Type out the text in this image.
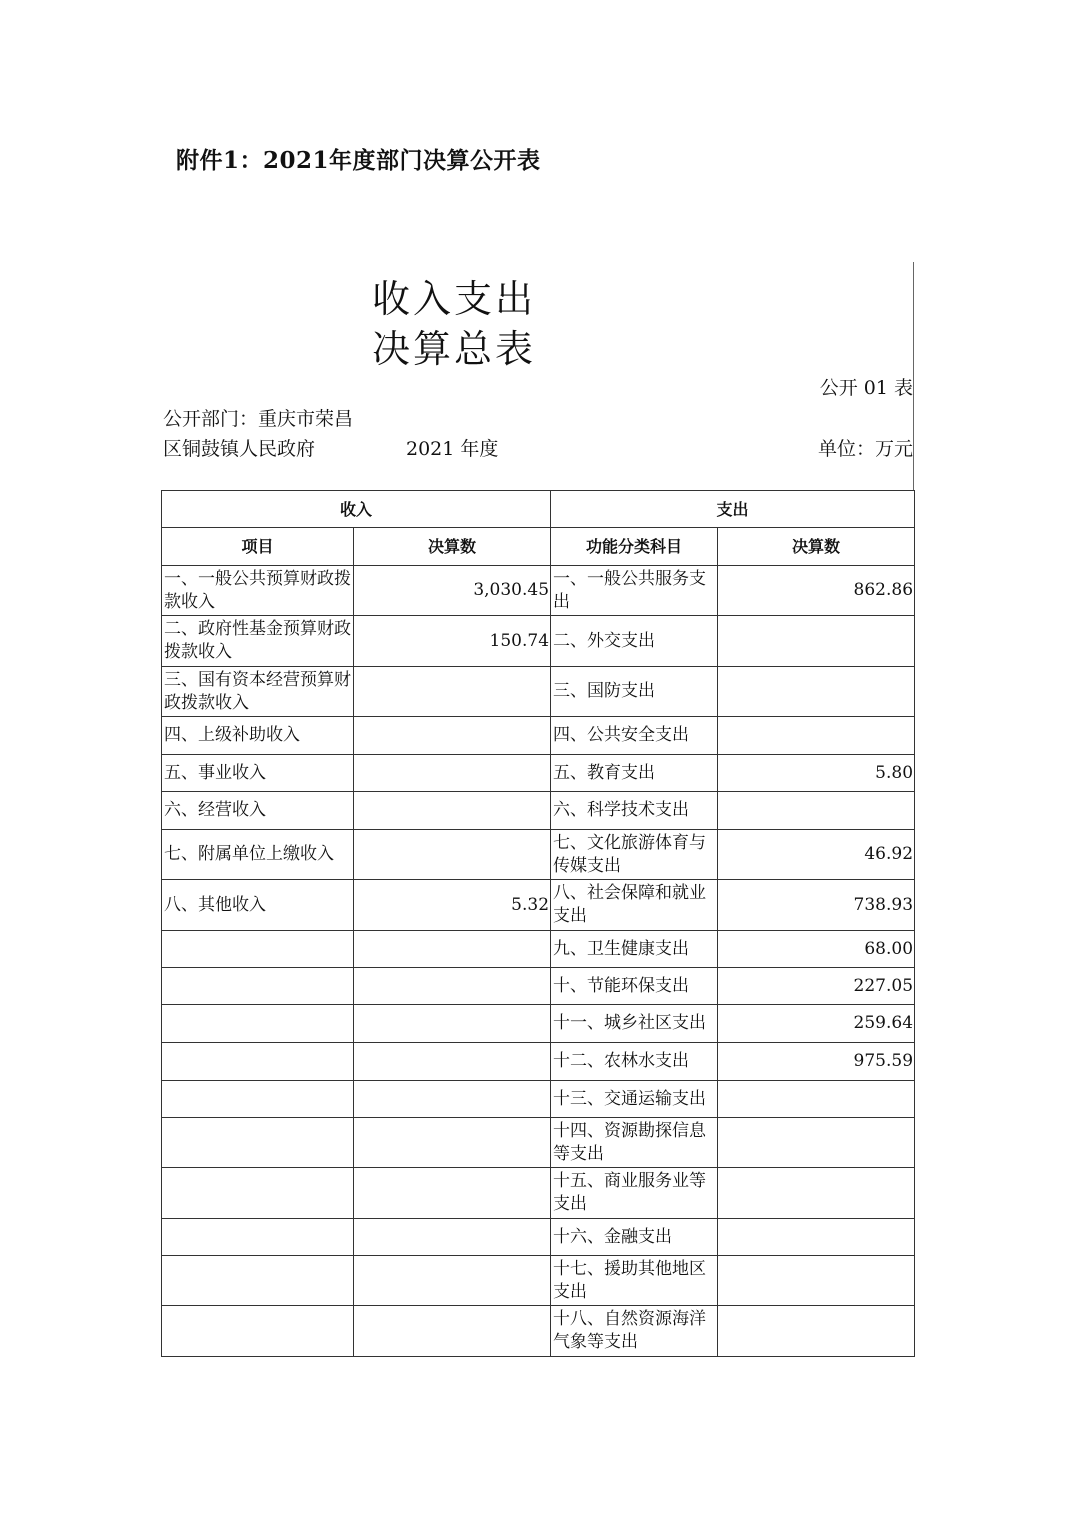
附件1：2021年度部门决算公开表
收入支出
决算总表
公开 01 表
公开部门：重庆市荣昌区铜鼓镇人民政府	2021 年度	单位：万元
收入		支出	
项目	决算数	功能分类科目	决算数
一、一般公共预算财政拨款收入	3,030.45	一、一般公共服务支出	862.86
二、政府性基金预算财政拨款收入	150.74	二、外交支出	
三、国有资本经营预算财政拨款收入		三、国防支出	
四、上级补助收入		四、公共安全支出	
五、事业收入		五、教育支出	5.80
六、经营收入		六、科学技术支出	
七、附属单位上缴收入		七、文化旅游体育与传媒支出	46.92
八、其他收入	5.32	八、社会保障和就业支出	738.93
		九、卫生健康支出	68.00
		十、节能环保支出	227.05
		十一、城乡社区支出	259.64
		十二、农林水支出	975.59
		十三、交通运输支出	
		十四、资源勘探信息等支出	
		十五、商业服务业等支出	
		十六、金融支出	
		十七、援助其他地区支出	
		十八、自然资源海洋气象等支出	
